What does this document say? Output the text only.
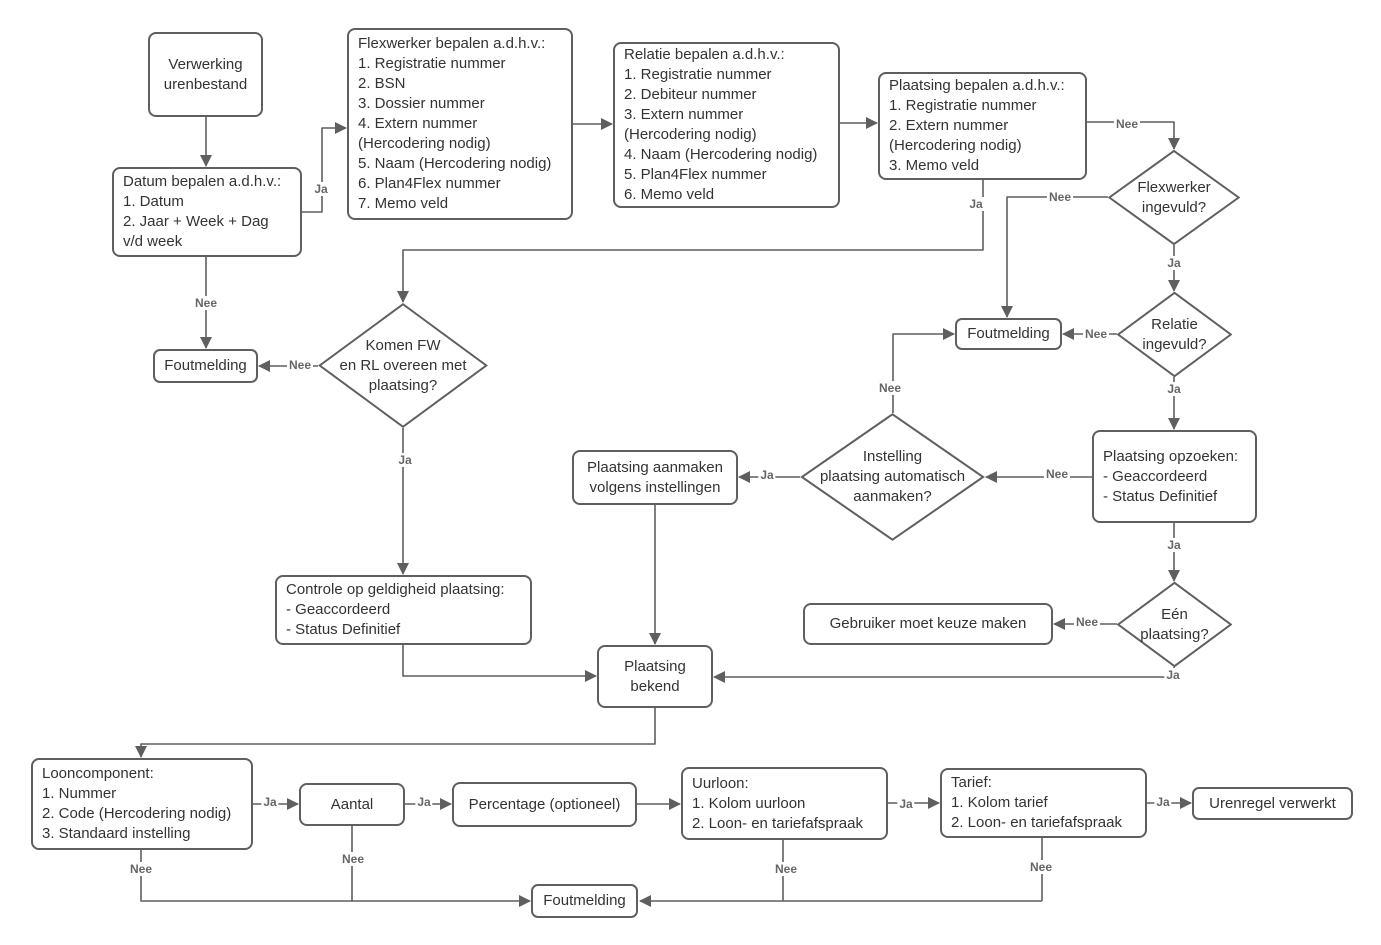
Verwerking
urenbestand
Datum bepalen a.d.h.v.:
1. Datum
2. Jaar + Week + Dag
v/d week
Flexwerker bepalen a.d.h.v.:
1. Registratie nummer
2. BSN
3. Dossier nummer
4. Extern nummer
(Hercodering nodig)
5. Naam (Hercodering nodig)
6. Plan4Flex nummer
7. Memo veld
Relatie bepalen a.d.h.v.:
1. Registratie nummer
2. Debiteur nummer
3. Extern nummer
(Hercodering nodig)
4. Naam (Hercodering nodig)
5. Plan4Flex nummer
6. Memo veld
Plaatsing bepalen a.d.h.v.:
1. Registratie nummer
2. Extern nummer
(Hercodering nodig)
3. Memo veld
Foutmelding
Foutmelding
Plaatsing opzoeken:
- Geaccordeerd
- Status Definitief
Plaatsing aanmaken
volgens instellingen
Controle op geldigheid plaatsing:
- Geaccordeerd
- Status Definitief	Gebruiker moet keuze maken
Plaatsing
bekend
Looncomponent:
1. Nummer
2. Code (Hercodering nodig)
3. Standaard instelling
Aantal	Percentage (optioneel)
Uurloon:
1. Kolom uurloon
2. Loon- en tariefafspraak
Tarief:
1. Kolom tarief
2. Loon- en tariefafspraak
Urenregel verwerkt
Foutmelding
Flexwerker
ingevuld?
Relatie
ingevuld?
Komen FW
en RL overeen met
plaatsing?
Instelling
plaatsing automatisch
aanmaken?
Eén
plaatsing?
Ja
Nee
Nee
Ja
Ja
Nee
Nee
Ja
Nee
Nee
Ja
Ja
Nee
Ja
Nee
Ja
Ja	Ja	Ja	Ja
Nee
Nee
Nee	Nee
